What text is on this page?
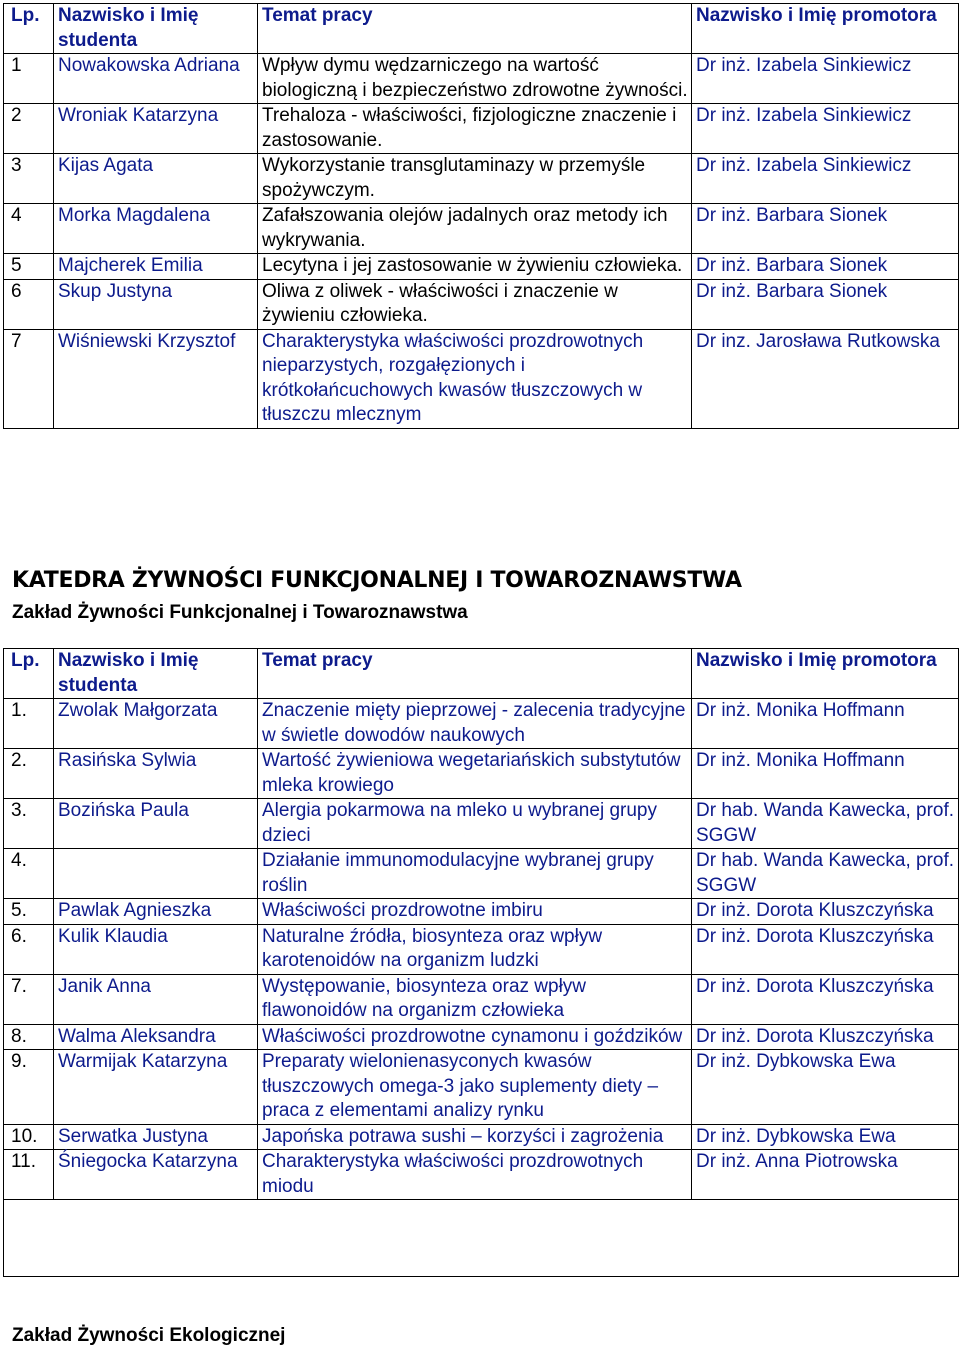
Lp.	Nazwisko i Imię studenta	Temat pracy	Nazwisko i Imię promotora
1	Nowakowska Adriana	Wpływ dymu wędzarniczego na wartość biologiczną i bezpieczeństwo zdrowotne żywności.	Dr inż. Izabela Sinkiewicz
2	Wroniak Katarzyna	Trehaloza - właściwości, fizjologiczne znaczenie i zastosowanie.	Dr inż. Izabela Sinkiewicz
3	Kijas Agata	Wykorzystanie transglutaminazy w przemyśle spożywczym.	Dr inż. Izabela Sinkiewicz
4	Morka Magdalena	Zafałszowania olejów jadalnych oraz metody ich wykrywania.	Dr inż. Barbara Sionek
5	Majcherek Emilia	Lecytyna i jej zastosowanie w żywieniu człowieka.	Dr inż. Barbara Sionek
6	Skup Justyna	Oliwa z oliwek - właściwości i znaczenie w żywieniu człowieka.	Dr inż. Barbara Sionek
7	Wiśniewski Krzysztof	Charakterystyka właściwości prozdrowotnych nieparzystych, rozgałęzionych i krótkołańcuchowych kwasów tłuszczowych w tłuszczu mlecznym	Dr inz. Jarosława Rutkowska
KATEDRA ŻYWNOŚCI FUNKCJONALNEJ I TOWAROZNAWSTWA
Zakład Żywności Funkcjonalnej i Towaroznawstwa
Lp.	Nazwisko i Imię studenta	Temat pracy	Nazwisko i Imię promotora
1.	Zwolak Małgorzata	Znaczenie mięty pieprzowej - zalecenia tradycyjne w świetle dowodów naukowych	Dr inż. Monika Hoffmann
2.	Rasińska Sylwia	Wartość żywieniowa wegetariańskich substytutów mleka krowiego	Dr inż. Monika Hoffmann
3.	Bozińska Paula	Alergia pokarmowa na mleko u wybranej grupy dzieci	Dr hab. Wanda Kawecka, prof. SGGW
4.		Działanie immunomodulacyjne wybranej grupy roślin	Dr hab. Wanda Kawecka, prof. SGGW
5.	Pawlak Agnieszka	Właściwości prozdrowotne imbiru	Dr inż. Dorota Kluszczyńska
6.	Kulik Klaudia	Naturalne źródła, biosynteza oraz wpływ karotenoidów na organizm ludzki	Dr inż. Dorota Kluszczyńska
7.	Janik Anna	Występowanie, biosynteza oraz wpływ flawonoidów na organizm człowieka	Dr inż. Dorota Kluszczyńska
8.	Walma Aleksandra	Właściwości prozdrowotne cynamonu i goździków	Dr inż. Dorota Kluszczyńska
9.	Warmijak Katarzyna	Preparaty wielonienasyconych kwasów tłuszczowych omega-3 jako suplementy diety – praca z elementami analizy rynku	Dr inż. Dybkowska Ewa
10.	Serwatka Justyna	Japońska potrawa sushi – korzyści i zagrożenia	Dr inż. Dybkowska Ewa
11.	Śniegocka Katarzyna	Charakterystyka właściwości prozdrowotnych miodu	Dr inż. Anna Piotrowska

Zakład Żywności Ekologicznej
